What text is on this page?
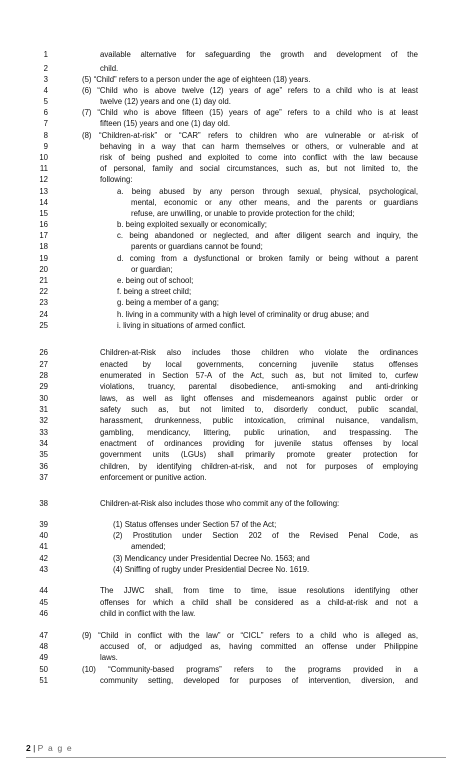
1	available alternative for safeguarding the growth and development of the
2	child.
3	(5) “Child” refers to a person under the age of eighteen (18) years.
4	(6) “Child who is above twelve (12) years of age” refers to a child who is at least
5	twelve (12) years and one (1) day old.
6	(7) “Child who is above fifteen (15) years of age” refers to a child who is at least
7	fifteen (15) years and one (1) day old.
8	(8) “Children-at-risk” or “CAR” refers to children who are vulnerable or at-risk of
9	behaving in a way that can harm themselves or others, or vulnerable and at
10	risk of being pushed and exploited to come into conflict with the law because
11	of personal, family and social circumstances, such as, but not limited to, the
12	following:
13	a. being abused by any person through sexual, physical, psychological,
14	mental, economic or any other means, and the parents or guardians
15	refuse, are unwilling, or unable to provide protection for the child;
16	b. being exploited sexually or economically;
17	c. being abandoned or neglected, and after diligent search and inquiry, the
18	parents or guardians cannot be found;
19	d. coming from a dysfunctional or broken family or being without a parent
20	or guardian;
21	e. being out of school;
22	f. being a street child;
23	g. being a member of a gang;
24	h. living in a community with a high level of criminality or drug abuse; and
25	i. living in situations of armed conflict.
26	Children-at-Risk also includes those children who violate the ordinances
27	enacted by local governments, concerning juvenile status offenses
28	enumerated in Section 57-A of the Act, such as, but not limited to, curfew
29	violations, truancy, parental disobedience, anti-smoking and anti-drinking
30	laws, as well as light offenses and misdemeanors against public order or
31	safety such as, but not limited to, disorderly conduct, public scandal,
32	harassment, drunkenness, public intoxication, criminal nuisance, vandalism,
33	gambling, mendicancy, littering, public urination, and trespassing. The
34	enactment of ordinances providing for juvenile status offenses by local
35	government units (LGUs) shall primarily promote greater protection for
36	children, by identifying children-at-risk, and not for purposes of employing
37	enforcement or punitive action.
38	Children-at-Risk also includes those who commit any of the following:
39	(1) Status offenses under Section 57 of the Act;
40	(2) Prostitution under Section 202 of the Revised Penal Code, as
41	amended;
42	(3) Mendicancy under Presidential Decree No. 1563; and
43	(4) Sniffing of rugby under Presidential Decree No. 1619.
44	The JJWC shall, from time to time, issue resolutions identifying other
45	offenses for which a child shall be considered as a child-at-risk and not a
46	child in conflict with the law.
47	(9) “Child in conflict with the law” or “CICL” refers to a child who is alleged as,
48	accused of, or adjudged as, having committed an offense under Philippine
49	laws.
50	(10) “Community-based programs” refers to the programs provided in a
51	community setting, developed for purposes of intervention, diversion, and
2 | P a g e
